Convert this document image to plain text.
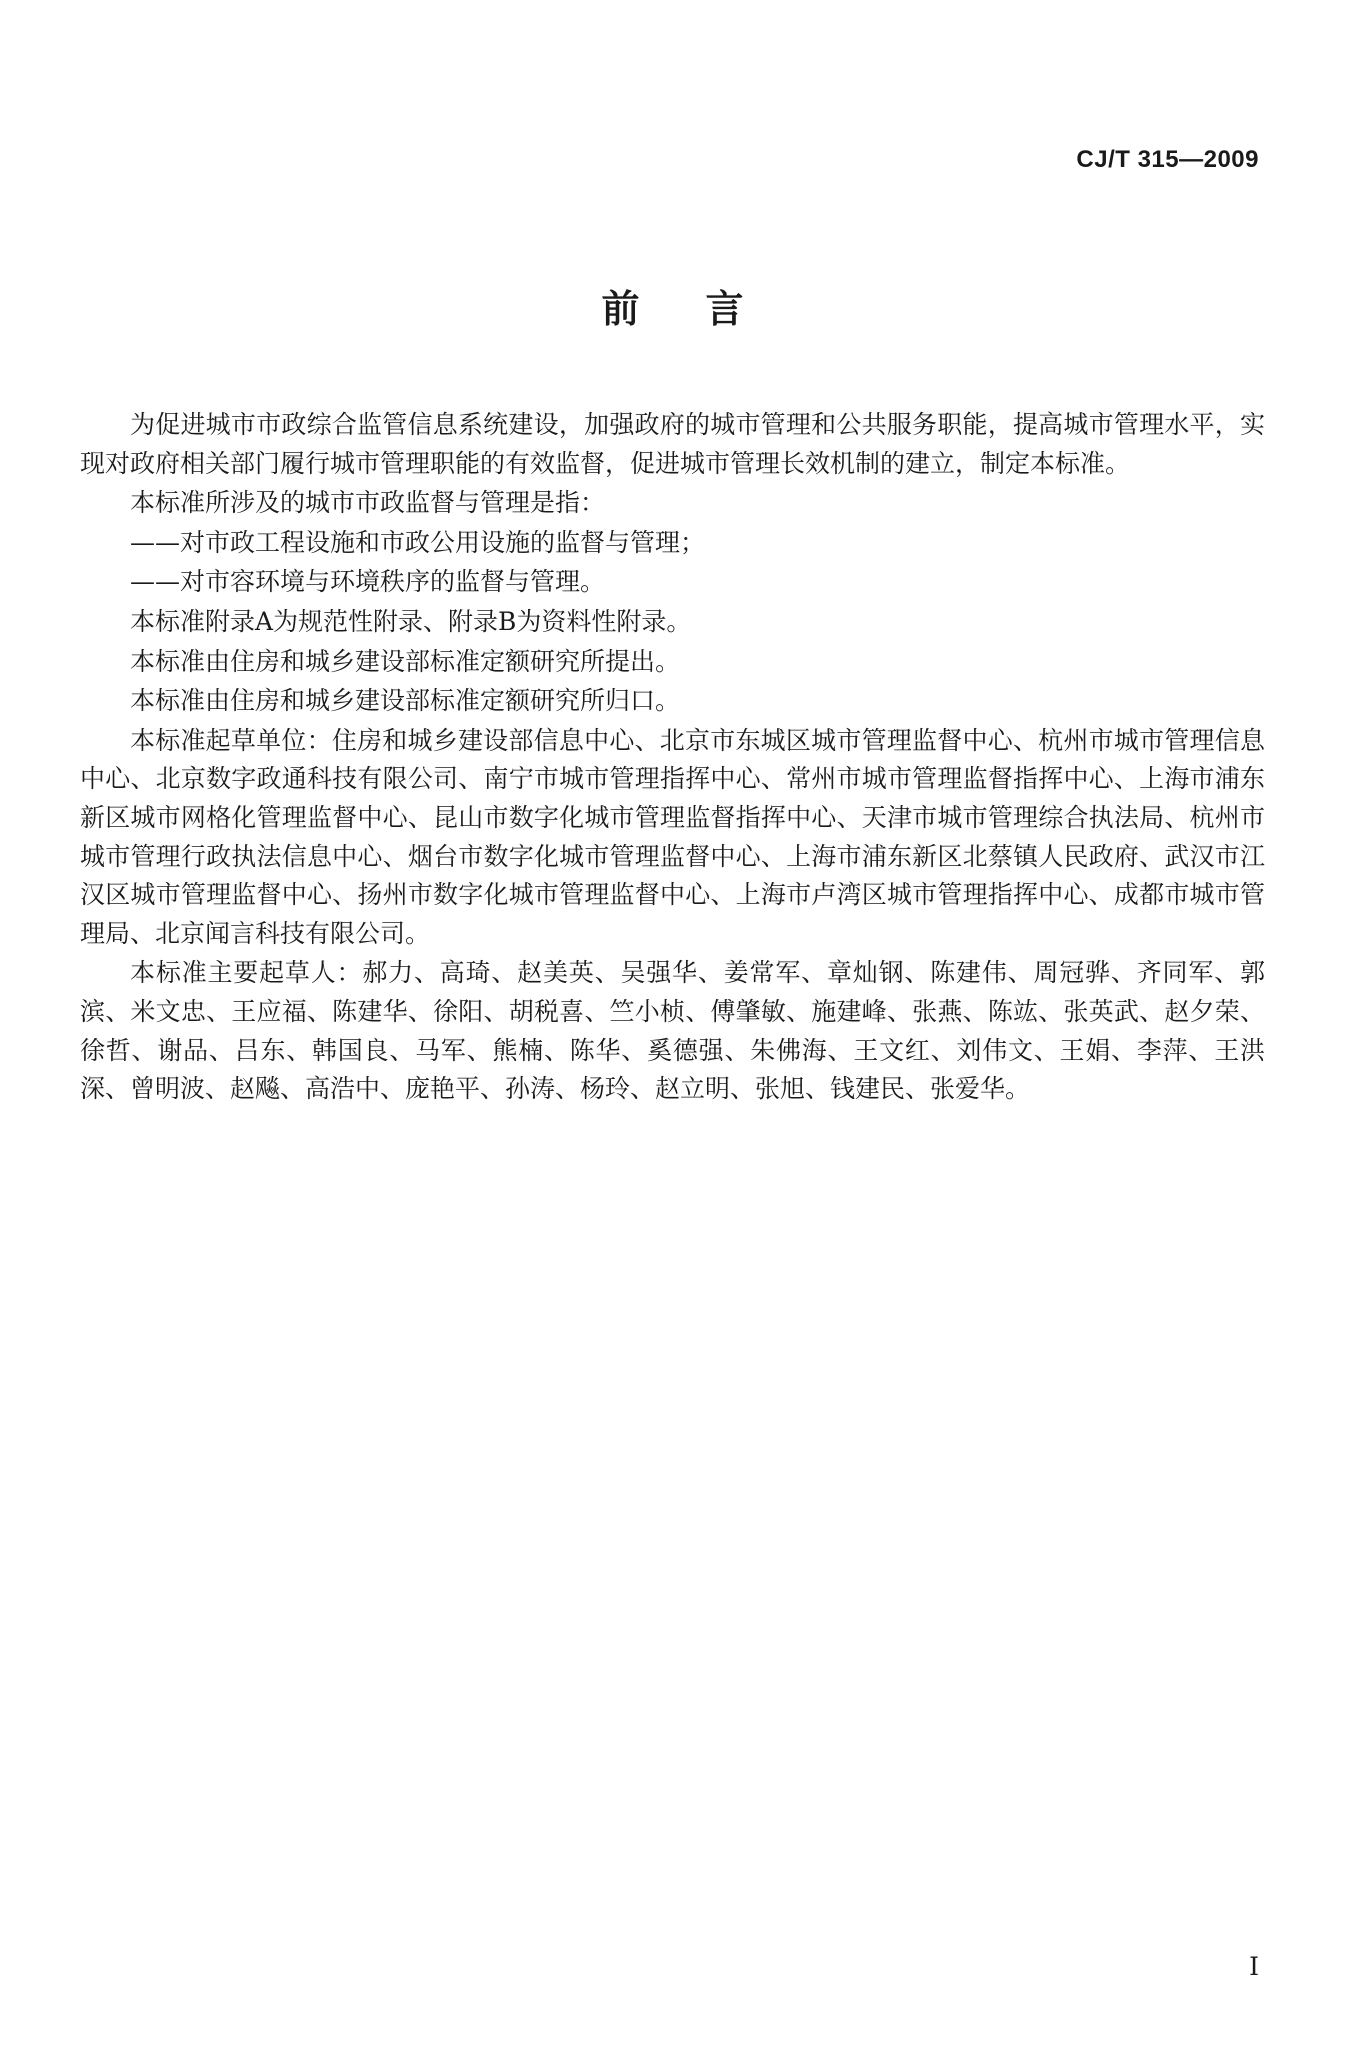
CJ/T 315—2009
前言

为促进城市市政综合监管信息系统建设，加强政府的城市管理和公共服务职能，提高城市管理水平，实现对政府相关部门履行城市管理职能的有效监督，促进城市管理长效机制的建立，制定本标准。

本标准所涉及的城市市政监督与管理是指：

——对市政工程设施和市政公用设施的监督与管理；

——对市容环境与环境秩序的监督与管理。

本标准附录A为规范性附录、附录B为资料性附录。

本标准由住房和城乡建设部标准定额研究所提出。

本标准由住房和城乡建设部标准定额研究所归口。

本标准起草单位：住房和城乡建设部信息中心、北京市东城区城市管理监督中心、杭州市城市管理信息中心、北京数字政通科技有限公司、南宁市城市管理指挥中心、常州市城市管理监督指挥中心、上海市浦东新区城市网格化管理监督中心、昆山市数字化城市管理监督指挥中心、天津市城市管理综合执法局、杭州市城市管理行政执法信息中心、烟台市数字化城市管理监督中心、上海市浦东新区北蔡镇人民政府、武汉市江汉区城市管理监督中心、扬州市数字化城市管理监督中心、上海市卢湾区城市管理指挥中心、成都市城市管理局、北京闻言科技有限公司。

本标准主要起草人：郝力、高琦、赵美英、吴强华、姜常军、章灿钢、陈建伟、周冠骅、齐同军、郭滨、米文忠、王应福、陈建华、徐阳、胡税喜、竺小桢、傅肇敏、施建峰、张燕、陈竑、张英武、赵夕荣、徐哲、谢品、吕东、韩国良、马军、熊楠、陈华、奚德强、朱佛海、王文红、刘伟文、王娟、李萍、王洪深、曾明波、赵飚、高浩中、庞艳平、孙涛、杨玲、赵立明、张旭、钱建民、张爱华。

I
